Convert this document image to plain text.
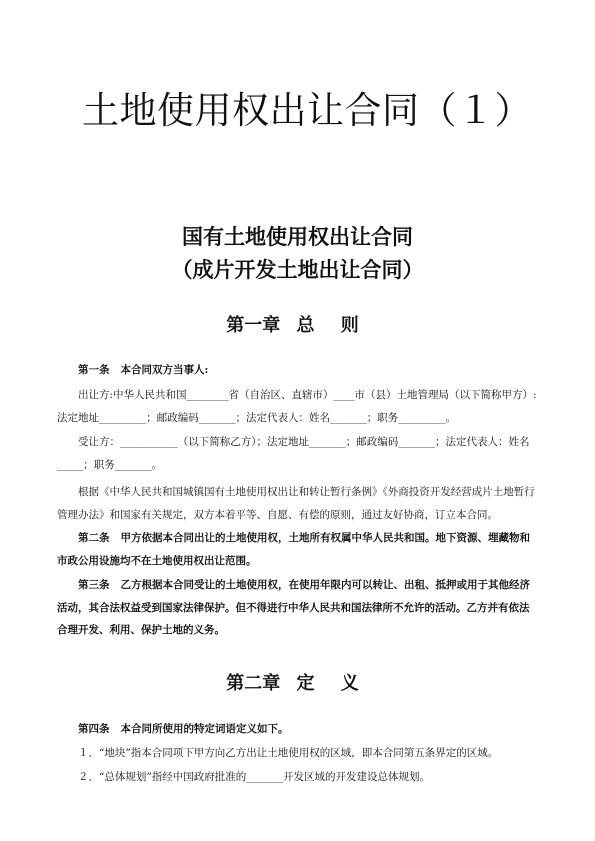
土地使用权出让合同（１）
国有土地使用权出让合同
（成片开发土地出让合同）
第一章 总 则
第一条 本合同双方当事人:
出让方:中华人民共和国________省（自治区、直辖市）____市（县）土地管理局（以下简称甲方）:法定地址_________；邮政编码_______；法定代表人：姓名_______；职务_________。
受让方：___________（以下简称乙方）；法定地址_______；邮政编码_______；法定代表人：姓名_____；职务_______。
根据《中华人民共和国城镇国有土地使用权出让和转让暂行条例》《外商投资开发经营成片土地暂行管理办法》和国家有关规定，双方本着平等、自愿、有偿的原则，通过友好协商，订立本合同。
第二条 甲方依据本合同出让的土地使用权，土地所有权属中华人民共和国。地下资源、埋藏物和市政公用设施均不在土地使用权出让范围。
第三条 乙方根据本合同受让的土地使用权，在使用年限内可以转让、出租、抵押或用于其他经济活动，其合法权益受到国家法律保护。但不得进行中华人民共和国法律所不允许的活动。乙方并有依法合理开发、利用、保护土地的义务。
第二章 定 义
第四条 本合同所使用的特定词语定义如下。
１．“地块”指本合同项下甲方向乙方出让土地使用权的区域，即本合同第五条界定的区域。
２．“总体规划”指经中国政府批准的_______开发区域的开发建设总体规划。
